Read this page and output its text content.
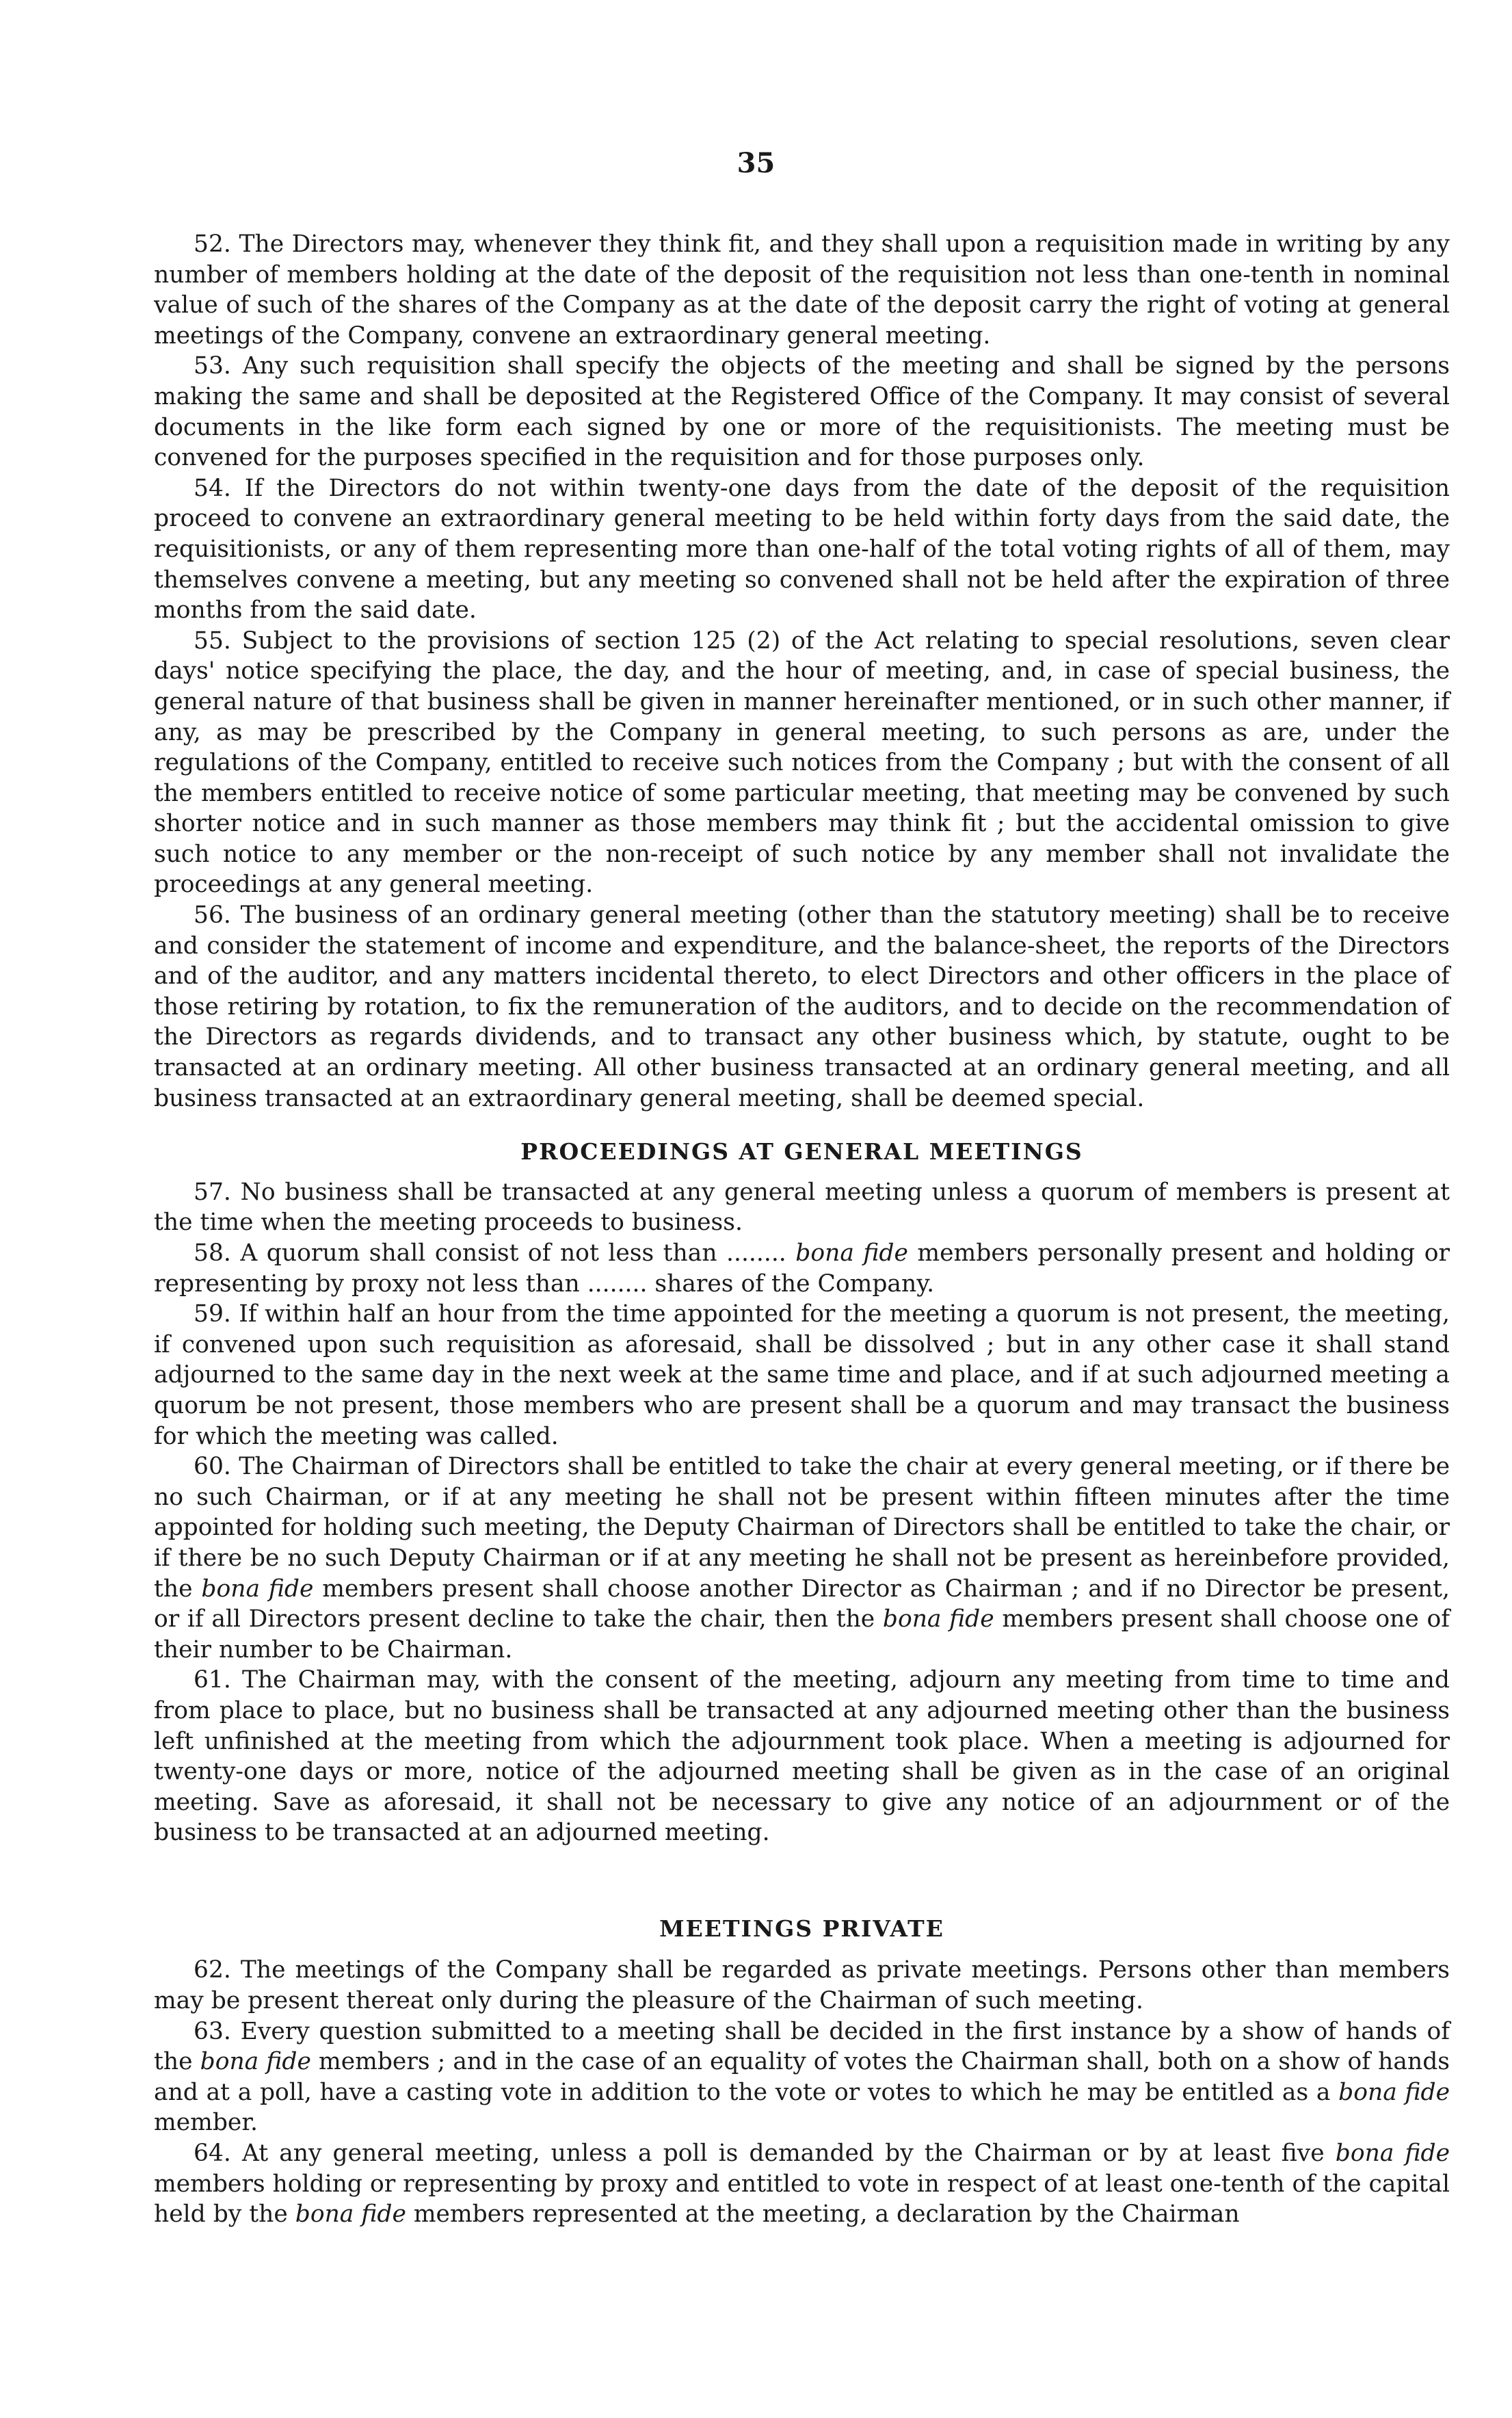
35

52. The Directors may, whenever they think fit, and they shall upon a requisition made in writing by any number of members holding at the date of the deposit of the requisition not less than one-tenth in nominal value of such of the shares of the Company as at the date of the deposit carry the right of voting at general meetings of the Company, convene an extraordinary general meeting.

53. Any such requisition shall specify the objects of the meeting and shall be signed by the persons making the same and shall be deposited at the Registered Office of the Company. It may consist of several documents in the like form each signed by one or more of the requisitionists. The meeting must be convened for the purposes specified in the requisition and for those purposes only.

54. If the Directors do not within twenty-one days from the date of the deposit of the requisition proceed to convene an extraordinary general meeting to be held within forty days from the said date, the requisitionists, or any of them representing more than one-half of the total voting rights of all of them, may themselves convene a meeting, but any meeting so convened shall not be held after the expiration of three months from the said date.

55. Subject to the provisions of section 125 (2) of the Act relating to special resolutions, seven clear days' notice specifying the place, the day, and the hour of meeting, and, in case of special business, the general nature of that business shall be given in manner hereinafter mentioned, or in such other manner, if any, as may be prescribed by the Company in general meeting, to such persons as are, under the regulations of the Company, entitled to receive such notices from the Company ; but with the consent of all the members entitled to receive notice of some particular meeting, that meeting may be convened by such shorter notice and in such manner as those members may think fit ; but the accidental omission to give such notice to any member or the non-receipt of such notice by any member shall not invalidate the proceedings at any general meeting.

56. The business of an ordinary general meeting (other than the statutory meeting) shall be to receive and consider the statement of income and expenditure, and the balance-sheet, the reports of the Directors and of the auditor, and any matters incidental thereto, to elect Directors and other officers in the place of those retiring by rotation, to fix the remuneration of the auditors, and to decide on the recommendation of the Directors as regards dividends, and to transact any other business which, by statute, ought to be transacted at an ordinary meeting. All other business transacted at an ordinary general meeting, and all business transacted at an extraordinary general meeting, shall be deemed special.

PROCEEDINGS AT GENERAL MEETINGS

57. No business shall be transacted at any general meeting unless a quorum of members is present at the time when the meeting proceeds to business.

58. A quorum shall consist of not less than ........ bona fide members personally present and holding or representing by proxy not less than ........ shares of the Company.

59. If within half an hour from the time appointed for the meeting a quorum is not present, the meeting, if convened upon such requisition as aforesaid, shall be dissolved ; but in any other case it shall stand adjourned to the same day in the next week at the same time and place, and if at such adjourned meeting a quorum be not present, those members who are present shall be a quorum and may transact the business for which the meeting was called.

60. The Chairman of Directors shall be entitled to take the chair at every general meeting, or if there be no such Chairman, or if at any meeting he shall not be present within fifteen minutes after the time appointed for holding such meeting, the Deputy Chairman of Directors shall be entitled to take the chair, or if there be no such Deputy Chairman or if at any meeting he shall not be present as hereinbefore provided, the bona fide members present shall choose another Director as Chairman ; and if no Director be present, or if all Directors present decline to take the chair, then the bona fide members present shall choose one of their number to be Chairman.

61. The Chairman may, with the consent of the meeting, adjourn any meeting from time to time and from place to place, but no business shall be transacted at any adjourned meeting other than the business left unfinished at the meeting from which the adjournment took place. When a meeting is adjourned for twenty-one days or more, notice of the adjourned meeting shall be given as in the case of an original meeting. Save as aforesaid, it shall not be necessary to give any notice of an adjournment or of the business to be transacted at an adjourned meeting.

MEETINGS PRIVATE

62. The meetings of the Company shall be regarded as private meetings. Persons other than members may be present thereat only during the pleasure of the Chairman of such meeting.

63. Every question submitted to a meeting shall be decided in the first instance by a show of hands of the bona fide members ; and in the case of an equality of votes the Chairman shall, both on a show of hands and at a poll, have a casting vote in addition to the vote or votes to which he may be entitled as a bona fide member.

64. At any general meeting, unless a poll is demanded by the Chairman or by at least five bona fide members holding or representing by proxy and entitled to vote in respect of at least one-tenth of the capital held by the bona fide members represented at the meeting, a declaration by the Chairman
